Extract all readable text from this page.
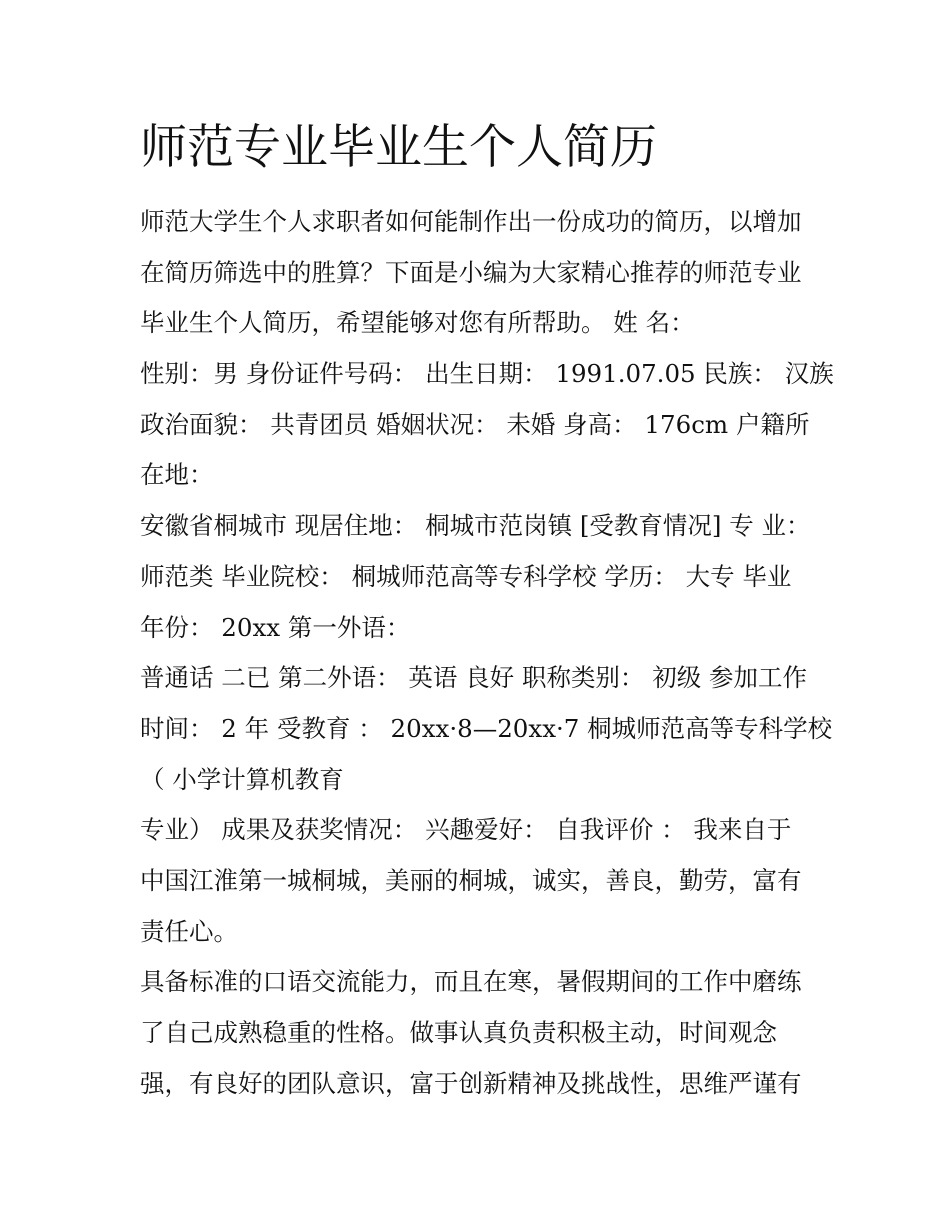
师范专业毕业生个人简历
师范大学生个人求职者如何能制作出一份成功的简历，以增加
在简历筛选中的胜算？下面是小编为大家精心推荐的师范专业
毕业生个人简历，希望能够对您有所帮助。 姓 名：
性别：男 身份证件号码： 出生日期： 1991.07.05 民族： 汉族
政治面貌： 共青团员 婚姻状况： 未婚 身高： 176cm 户籍所
在地：
安徽省桐城市 现居住地： 桐城市范岗镇 [受教育情况] 专 业：
师范类 毕业院校： 桐城师范高等专科学校 学历： 大专 毕业
年份： 20xx 第一外语：
普通话 二已 第二外语： 英语 良好 职称类别： 初级 参加工作
时间： 2 年 受教育 ： 20xx·8—20xx·7 桐城师范高等专科学校
（ 小学计算机教育
专业） 成果及获奖情况： 兴趣爱好： 自我评价 ： 我来自于
中国江淮第一城桐城，美丽的桐城，诚实，善良，勤劳，富有
责任心。
具备标准的口语交流能力，而且在寒，暑假期间的工作中磨练
了自己成熟稳重的性格。做事认真负责积极主动，时间观念
强，有良好的团队意识，富于创新精神及挑战性，思维严谨有
